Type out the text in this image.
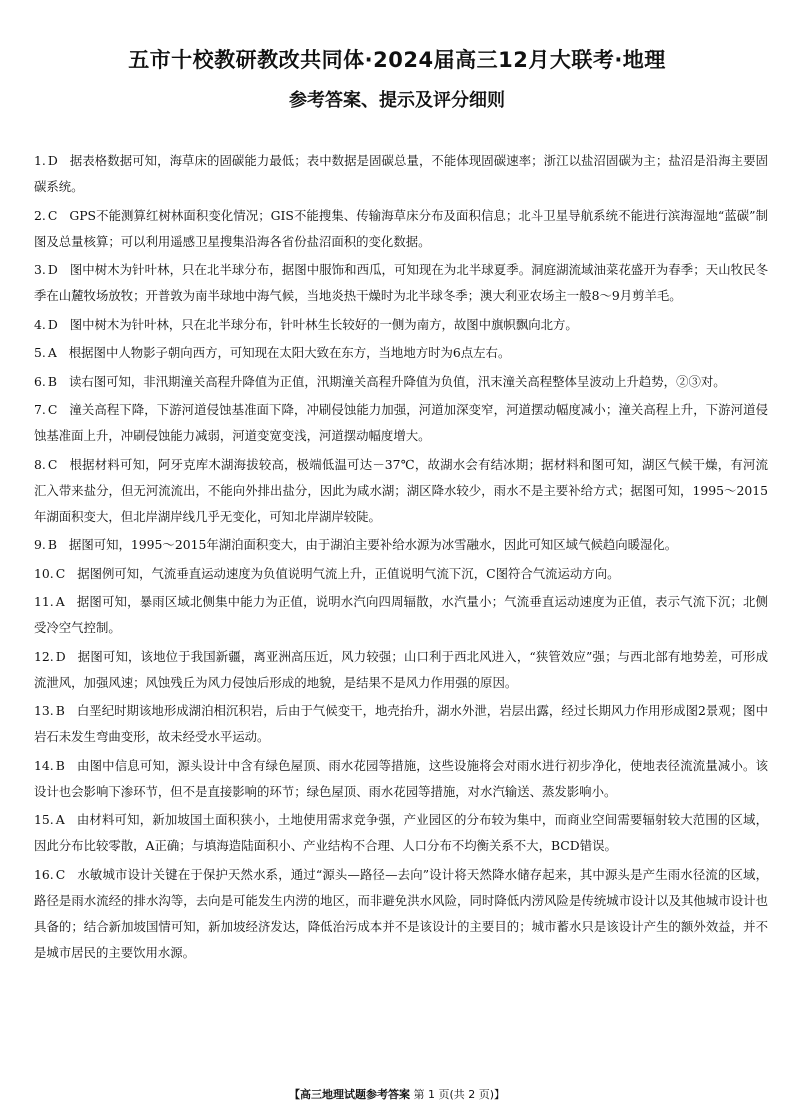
五市十校教研教改共同体·2024届高三12月大联考·地理
参考答案、提示及评分细则
1. D 据表格数据可知，海草床的固碳能力最低；表中数据是固碳总量，不能体现固碳速率；浙江以盐沼固碳为主；盐沼是沿海主要固碳系统。
2. C GPS不能测算红树林面积变化情况；GIS不能搜集、传输海草床分布及面积信息；北斗卫星导航系统不能进行滨海湿地“蓝碳”制图及总量核算；可以利用遥感卫星搜集沿海各省份盐沼面积的变化数据。
3. D 图中树木为针叶林，只在北半球分布，据图中服饰和西瓜，可知现在为北半球夏季。洞庭湖流域油菜花盛开为春季；天山牧民冬季在山麓牧场放牧；开普敦为南半球地中海气候，当地炎热干燥时为北半球冬季；澳大利亚农场主一般8～9月剪羊毛。
4. D 图中树木为针叶林，只在北半球分布，针叶林生长较好的一侧为南方，故图中旗帜飘向北方。
5. A 根据图中人物影子朝向西方，可知现在太阳大致在东方，当地地方时为6点左右。
6. B 读右图可知，非汛期潼关高程升降值为正值，汛期潼关高程升降值为负值，汛末潼关高程整体呈波动上升趋势，②③对。
7. C 潼关高程下降，下游河道侵蚀基准面下降，冲刷侵蚀能力加强，河道加深变窄，河道摆动幅度减小；潼关高程上升，下游河道侵蚀基准面上升，冲刷侵蚀能力减弱，河道变宽变浅，河道摆动幅度增大。
8. C 根据材料可知，阿牙克库木湖海拔较高，极端低温可达－37℃，故湖水会有结冰期；据材料和图可知，湖区气候干燥，有河流汇入带来盐分，但无河流流出，不能向外排出盐分，因此为咸水湖；湖区降水较少，雨水不是主要补给方式；据图可知，1995～2015年湖面积变大，但北岸湖岸线几乎无变化，可知北岸湖岸较陡。
9. B 据图可知，1995～2015年湖泊面积变大，由于湖泊主要补给水源为冰雪融水，因此可知区域气候趋向暖湿化。
10. C 据图例可知，气流垂直运动速度为负值说明气流上升，正值说明气流下沉，C图符合气流运动方向。
11. A 据图可知，暴雨区域北侧集中能力为正值，说明水汽向四周辐散，水汽量小；气流垂直运动速度为正值，表示气流下沉；北侧受冷空气控制。
12. D 据图可知，该地位于我国新疆，离亚洲高压近，风力较强；山口利于西北风进入，“狭管效应”强；与西北部有地势差，可形成流泄风，加强风速；风蚀残丘为风力侵蚀后形成的地貌，是结果不是风力作用强的原因。
13. B 白垩纪时期该地形成湖泊相沉积岩，后由于气候变干，地壳抬升，湖水外泄，岩层出露，经过长期风力作用形成图2景观；图中岩石未发生弯曲变形，故未经受水平运动。
14. B 由图中信息可知，源头设计中含有绿色屋顶、雨水花园等措施，这些设施将会对雨水进行初步净化，使地表径流流量减小。该设计也会影响下渗环节，但不是直接影响的环节；绿色屋顶、雨水花园等措施，对水汽输送、蒸发影响小。
15. A 由材料可知，新加坡国土面积狭小，土地使用需求竞争强，产业园区的分布较为集中，而商业空间需要辐射较大范围的区域，因此分布比较零散，A正确；与填海造陆面积小、产业结构不合理、人口分布不均衡关系不大，BCD错误。
16. C 水敏城市设计关键在于保护天然水系，通过“源头—路径—去向”设计将天然降水储存起来，其中源头是产生雨水径流的区域，路径是雨水流经的排水沟等，去向是可能发生内涝的地区，而非避免洪水风险，同时降低内涝风险是传统城市设计以及其他城市设计也具备的；结合新加坡国情可知，新加坡经济发达，降低治污成本并不是该设计的主要目的；城市蓄水只是该设计产生的额外效益，并不是城市居民的主要饮用水源。
【高三地理试题参考答案 第 1 页(共 2 页)】
